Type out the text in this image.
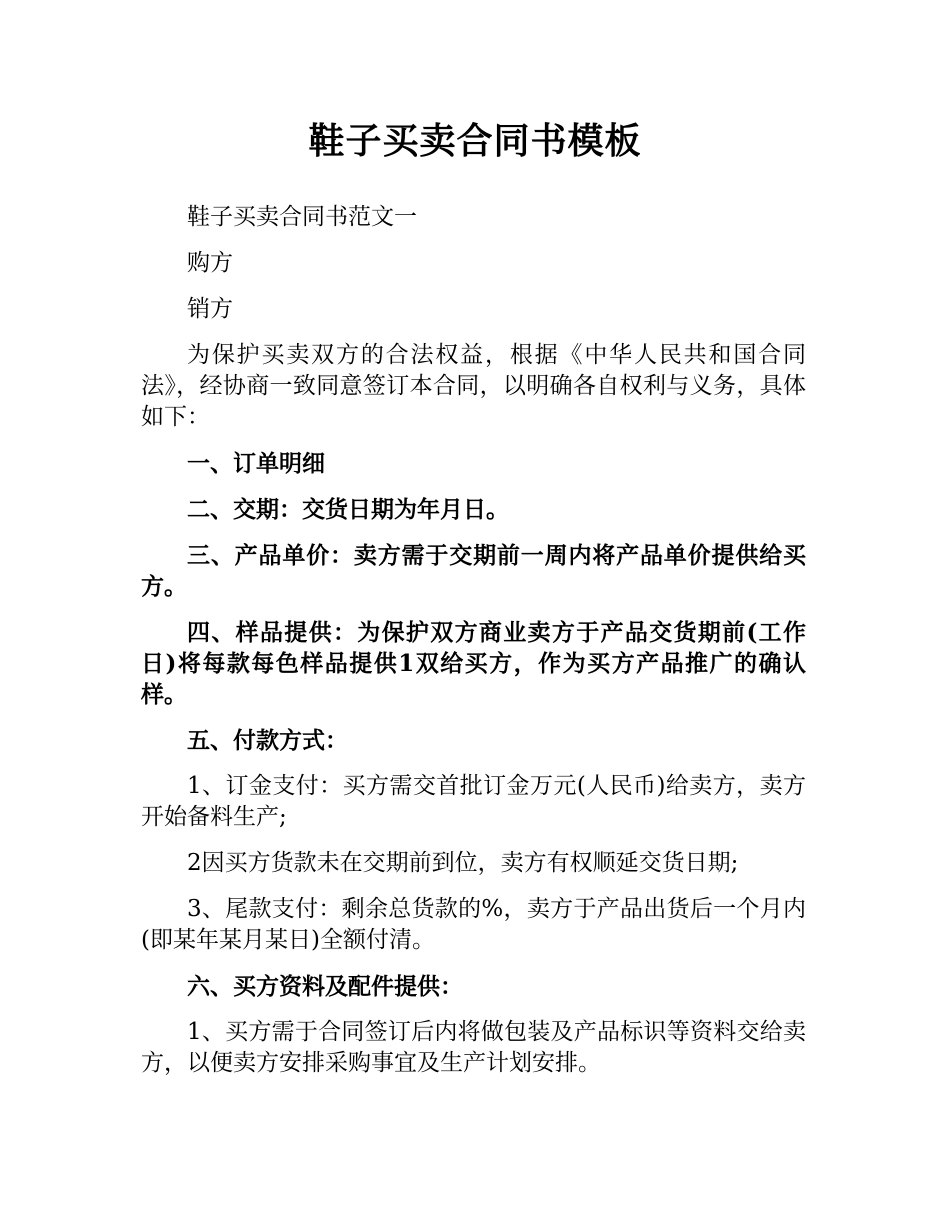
鞋子买卖合同书模板

鞋子买卖合同书范文一

购方

销方

为保护买卖双方的合法权益，根据《中华人民共和国合同法》，经协商一致同意签订本合同，以明确各自权利与义务，具体如下：

一、订单明细

二、交期：交货日期为年月日。

三、产品单价：卖方需于交期前一周内将产品单价提供给买方。

四、样品提供：为保护双方商业卖方于产品交货期前(工作日)将每款每色样品提供1双给买方，作为买方产品推广的确认样。

五、付款方式：

1、订金支付：买方需交首批订金万元(人民币)给卖方，卖方开始备料生产;

2因买方货款未在交期前到位，卖方有权顺延交货日期;

3、尾款支付：剩余总货款的%，卖方于产品出货后一个月内(即某年某月某日)全额付清。

六、买方资料及配件提供：

1、买方需于合同签订后内将做包装及产品标识等资料交给卖方，以便卖方安排采购事宜及生产计划安排。
